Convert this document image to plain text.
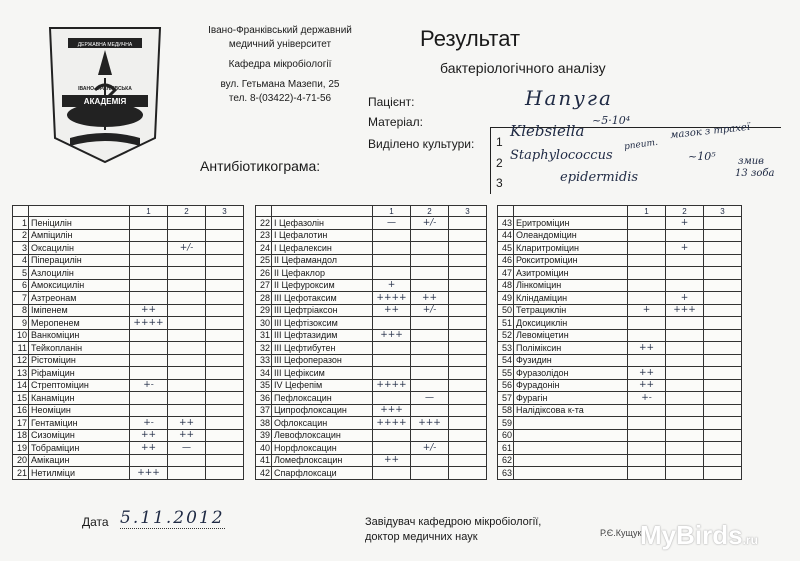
АКАДЕМІЯ
ІВАНО-ФРАНКІВСЬКА
ДЕРЖАВНА МЕДИЧНА
Івано-Франківський державний
медичний університет
Кафедра мікробіології
вул. Гетьмана Мазепи, 25
тел. 8-(03422)-4-71-56
Результат
бактеріологічного аналізу
Пацієнт:	Напуга
Матеріал:
Виділено культури: 1
Klebsiella
~5·10⁴
2 Staphylococcus	~10⁵
3	epidermidis
мазок з трахеї
pneum.
змив
13 зоба
Антибіотикограма:
		1	2	3
1	Пеніцилін			
2	Ампіцилін			
3	Оксацилін		+/-	
4	Піперацилін			
5	Азлоцилін			
6	Амоксицилін			
7	Азтреонам			
8	Іміпенем	++		
9	Меропенем	++++		
10	Ванкоміцин			
11	Тейкопланін			
12	Рістоміцин			
13	Ріфаміцин			
14	Стрептоміцин	+-		
15	Канаміцин			
16	Неоміцин			
17	Гентаміцин	+-	++	
18	Сизоміцин	++	++	
19	Тобраміцин	++	—	
20	Амікацин			
21	Нетилміци	+++		
		1	2	3
22	I Цефазолін	—	+/-	
23	I Цефалотин			
24	I Цефалексин			
25	II Цефамандол			
26	II Цефаклор			
27	II Цефуроксим	+		
28	III Цефотаксим	++++	++	
29	III Цефтріаксон	++	+/-	
30	III Цефтізоксим			
31	III Цефтазидим	+++		
32	III Цефтибутен			
33	III Цефоперазон			
34	III Цефіксим			
35	IV Цефепім	++++		
36	Пефлоксацин		—	
37	Ципрофлоксацин	+++		
38	Офлоксацин	++++	+++	
39	Левофлоксацин			
40	Норфлоксацин		+/-	
41	Ломефлоксацин	++		
42	Спарфлоксаци			
		1	2	3
43	Еритроміцин		+	
44	Олеандоміцин			
45	Кларитроміцин		+	
46	Рокситроміцин			
47	Азитроміцин			
48	Лінкоміцин			
49	Кліндаміцин		+	
50	Тетрациклін	+	+++	
51	Доксициклін			
52	Левоміцетин			
53	Поліміксин	++		
54	Фузидин			
55	Фуразолідон	++		
56	Фурадонін	++		
57	Фурагін	+-		
58	Налідіксова к-та			
59				
60				
61				
62				
63				
Дата 5.11.2012	Завідувач кафедрою мікробіології,
доктор медичних наук	Р.Є.Кущук
MyBirds.ru
